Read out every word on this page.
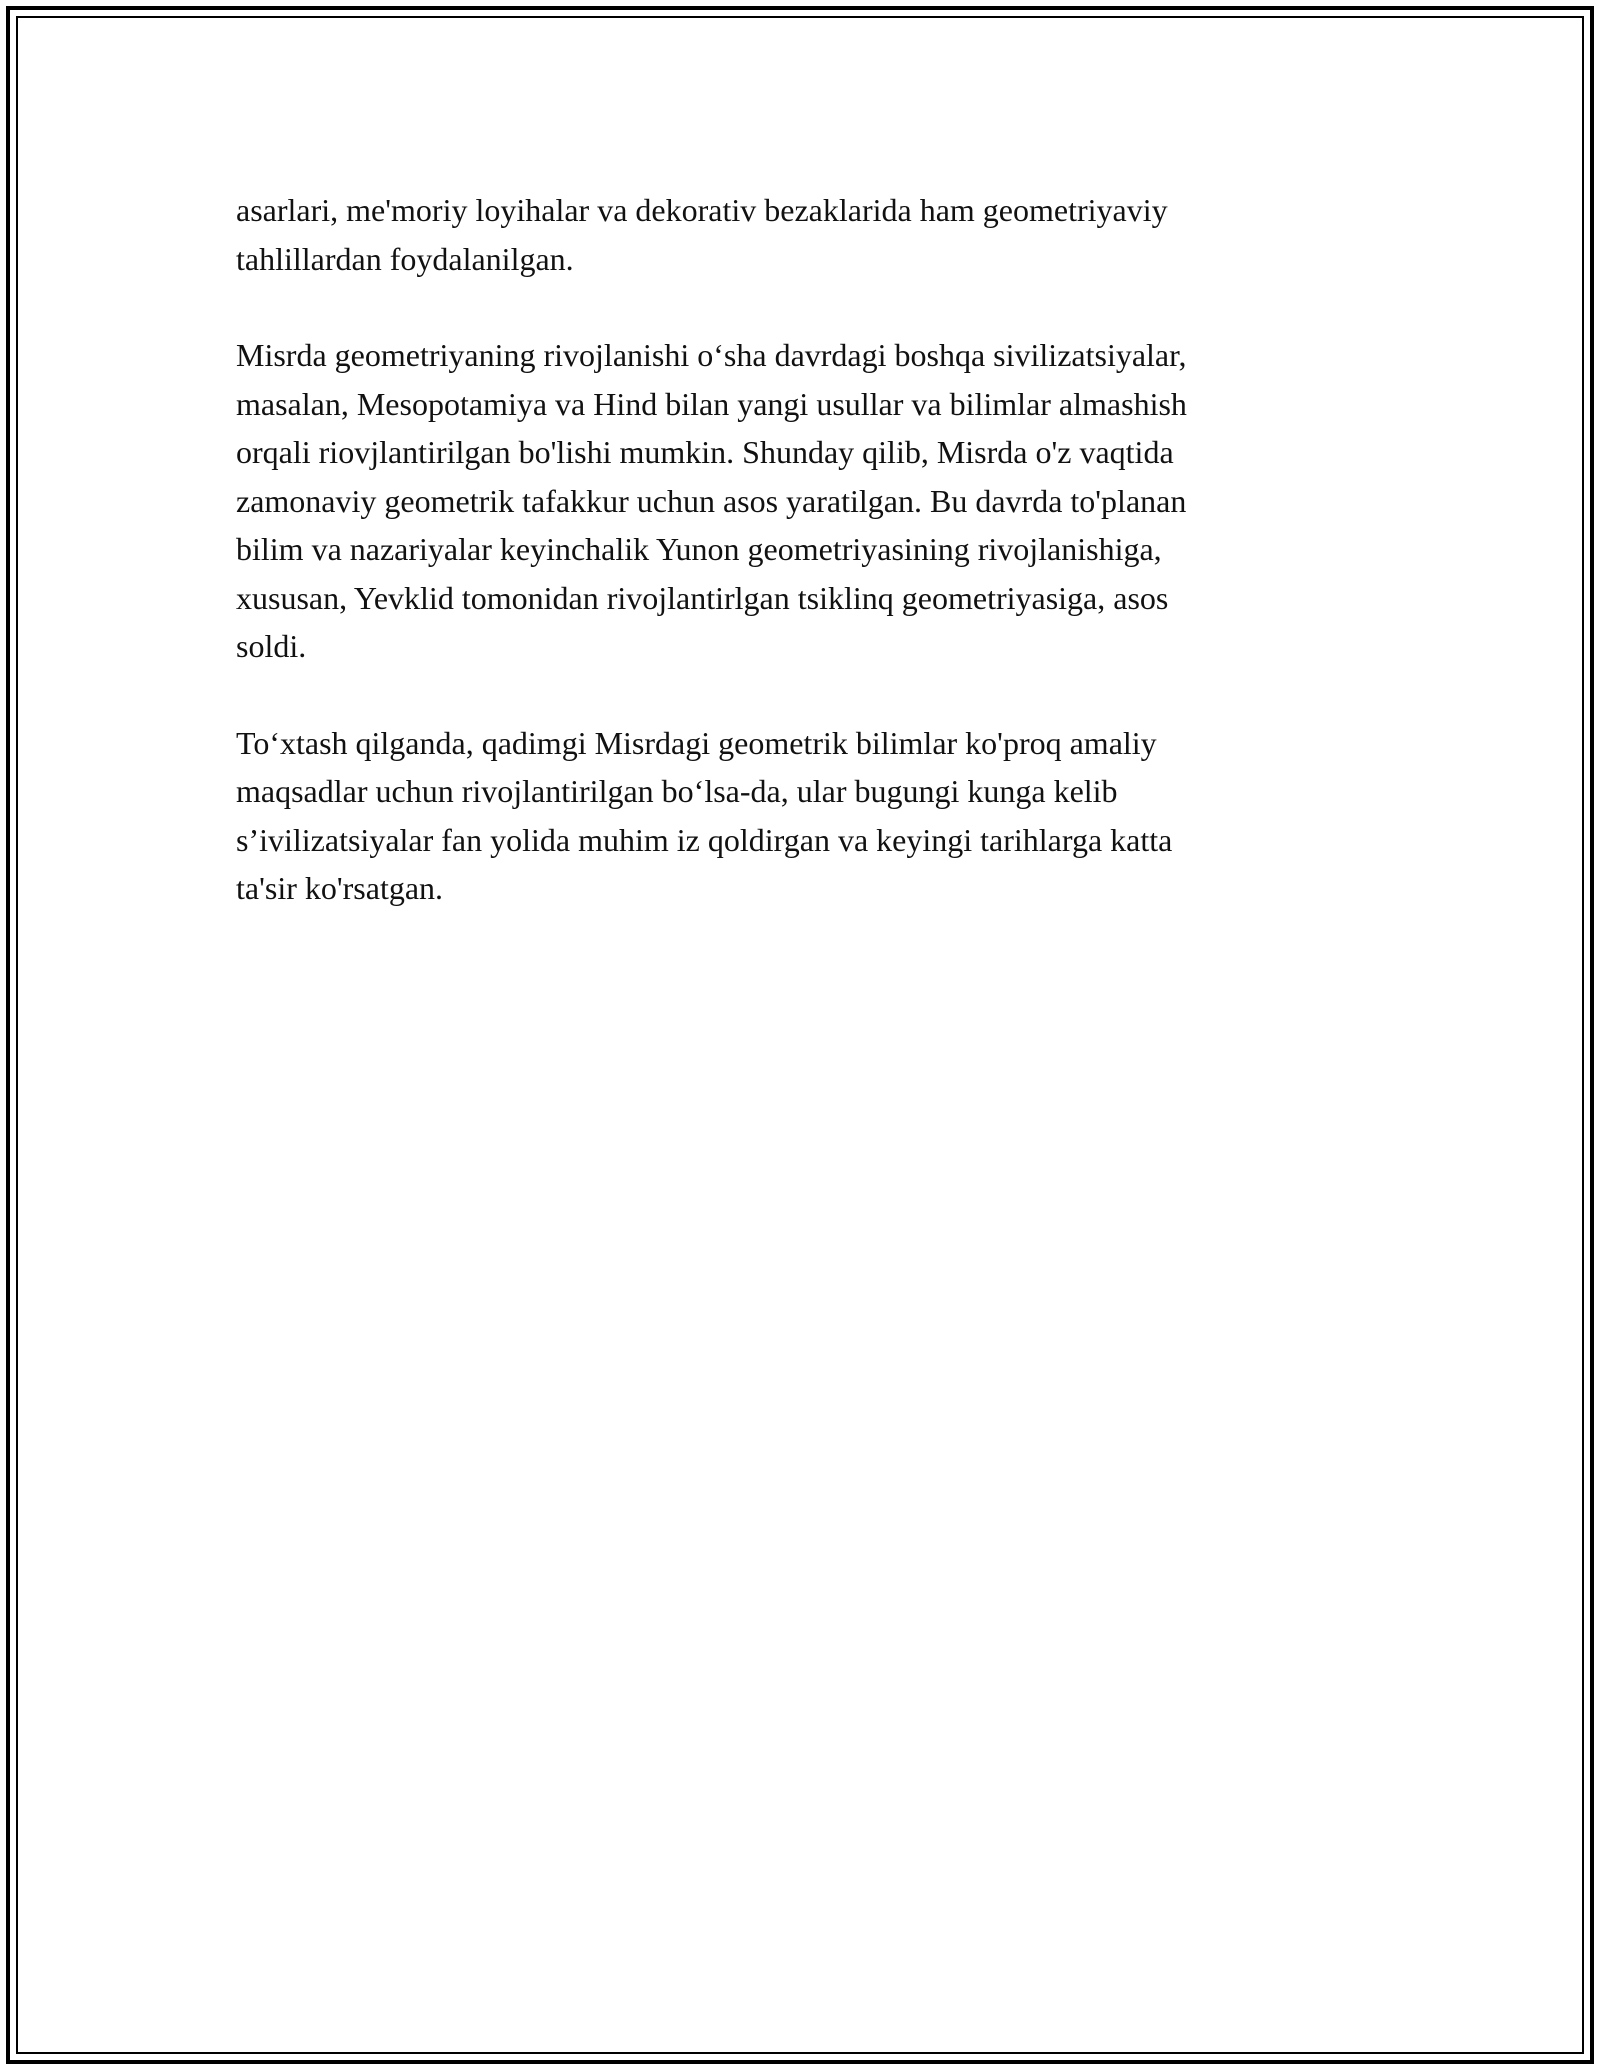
asarlari, me'moriy loyihalar va dekorativ bezaklarida ham geometriyaviy
tahlillardan foydalanilgan.

Misrda geometriyaning rivojlanishi o‘sha davrdagi boshqa sivilizatsiyalar,
masalan, Mesopotamiya va Hind bilan yangi usullar va bilimlar almashish
orqali riovjlantirilgan bo'lishi mumkin. Shunday qilib, Misrda o'z vaqtida
zamonaviy geometrik tafakkur uchun asos yaratilgan. Bu davrda to'planan
bilim va nazariyalar keyinchalik Yunon geometriyasining rivojlanishiga,
xususan, Yevklid tomonidan rivojlantirlgan tsiklinq geometriyasiga, asos
soldi.

To‘xtash qilganda, qadimgi Misrdagi geometrik bilimlar ko'proq amaliy
maqsadlar uchun rivojlantirilgan bo‘lsa-da, ular bugungi kunga kelib
s’ivilizatsiyalar fan yolida muhim iz qoldirgan va keyingi tarihlarga katta
ta'sir ko'rsatgan.
